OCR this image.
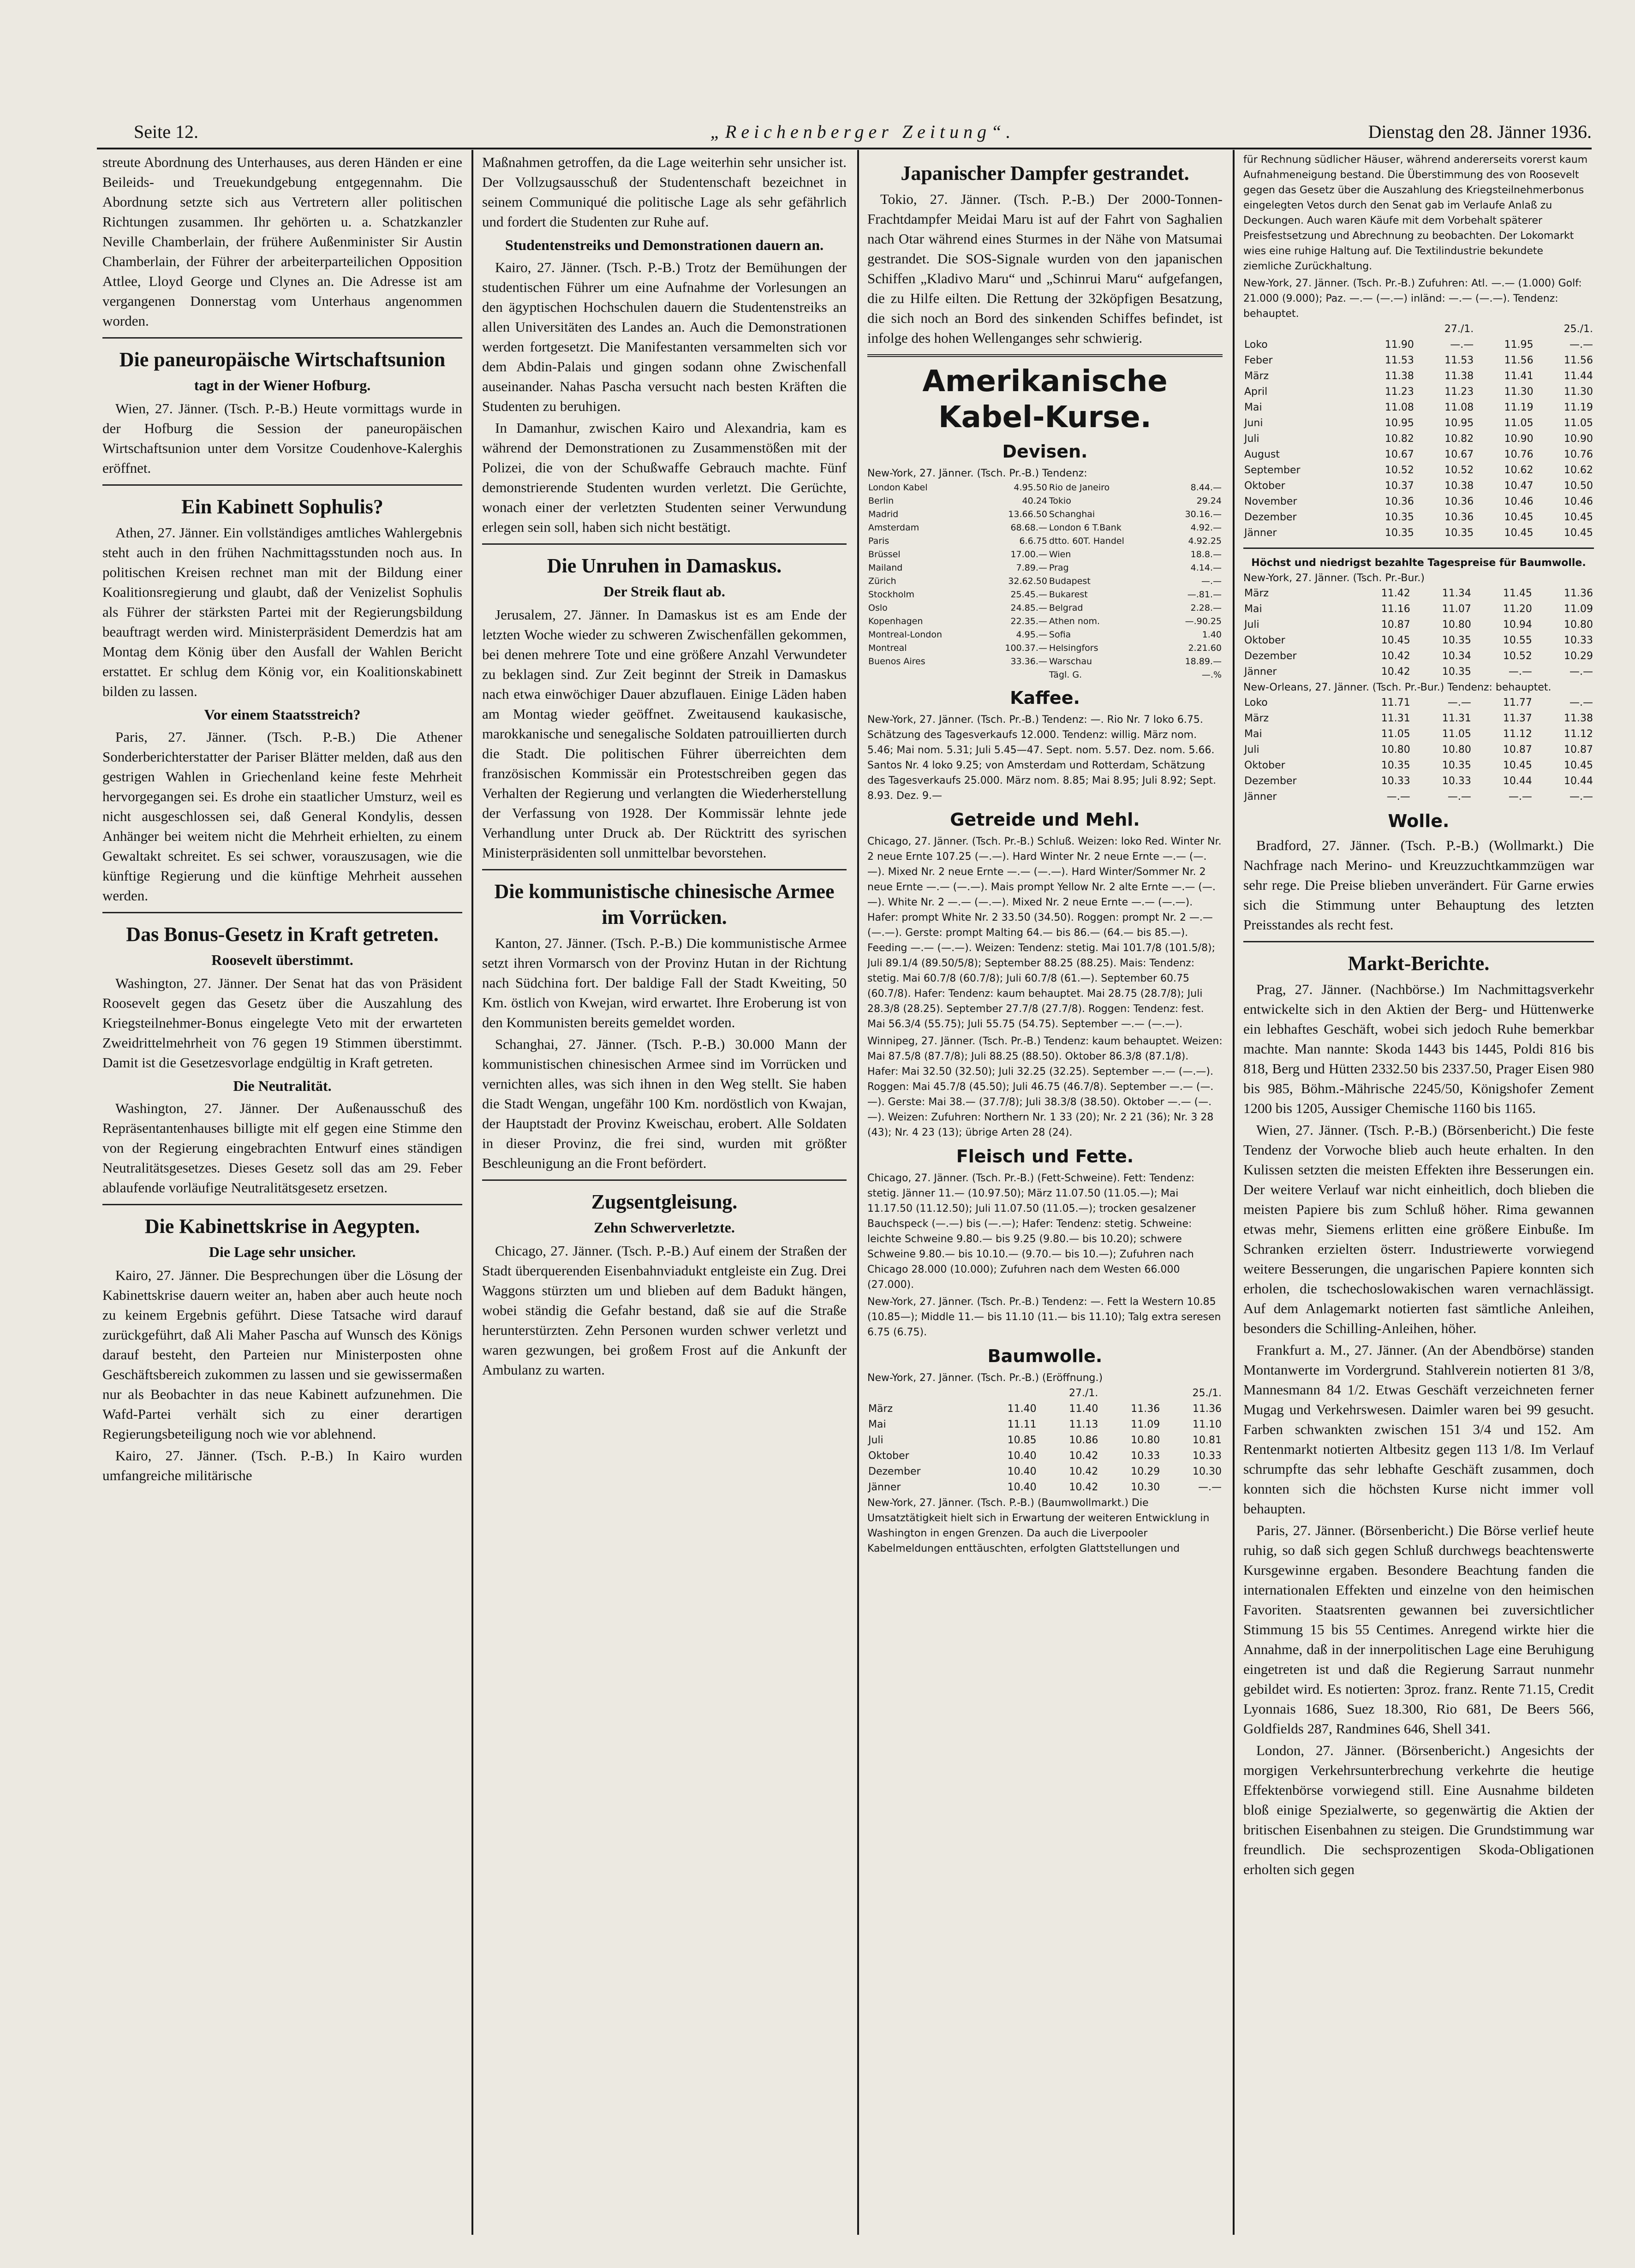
Seite 12.	„Reichenberger Zeitung“.	Dienstag den 28. Jänner 1936.

streute Abordnung des Unterhauses, aus deren Händen er eine Beileids- und Treuekundgebung entgegennahm. Die Abordnung setzte sich aus Vertretern aller politischen Richtungen zusammen. Ihr gehörten u. a. Schatzkanzler Neville Chamberlain, der frühere Außenminister Sir Austin Chamberlain, der Führer der arbeiterparteilichen Opposition Attlee, Lloyd George und Clynes an. Die Adresse ist am vergangenen Donnerstag vom Unterhaus angenommen worden.

Die paneuropäische Wirtschaftsunion
tagt in der Wiener Hofburg.

Wien, 27. Jänner. (Tsch. P.-B.) Heute vormittags wurde in der Hofburg die Session der paneuropäischen Wirtschaftsunion unter dem Vorsitze Coudenhove-Kalerghis eröffnet.

Ein Kabinett Sophulis?

Athen, 27. Jänner. Ein vollständiges amtliches Wahlergebnis steht auch in den frühen Nachmittagsstunden noch aus. In politischen Kreisen rechnet man mit der Bildung einer Koalitionsregierung und glaubt, daß der Venizelist Sophulis als Führer der stärksten Partei mit der Regierungsbildung beauftragt werden wird. Ministerpräsident Demerdzis hat am Montag dem König über den Ausfall der Wahlen Bericht erstattet. Er schlug dem König vor, ein Koalitionskabinett bilden zu lassen.

Vor einem Staatsstreich?

Paris, 27. Jänner. (Tsch. P.-B.) Die Athener Sonderberichterstatter der Pariser Blätter melden, daß aus den gestrigen Wahlen in Griechenland keine feste Mehrheit hervorgegangen sei. Es drohe ein staatlicher Umsturz, weil es nicht ausgeschlossen sei, daß General Kondylis, dessen Anhänger bei weitem nicht die Mehrheit erhielten, zu einem Gewaltakt schreitet. Es sei schwer, vorauszusagen, wie die künftige Regierung und die künftige Mehrheit aussehen werden.

Das Bonus-Gesetz in Kraft getreten.
Roosevelt überstimmt.

Washington, 27. Jänner. Der Senat hat das von Präsident Roosevelt gegen das Gesetz über die Auszahlung des Kriegsteilnehmer-Bonus eingelegte Veto mit der erwarteten Zweidrittelmehrheit von 76 gegen 19 Stimmen überstimmt. Damit ist die Gesetzesvorlage endgültig in Kraft getreten.

Die Neutralität.

Washington, 27. Jänner. Der Außenausschuß des Repräsentantenhauses billigte mit elf gegen eine Stimme den von der Regierung eingebrachten Entwurf eines ständigen Neutralitätsgesetzes. Dieses Gesetz soll das am 29. Feber ablaufende vorläufige Neutralitätsgesetz ersetzen.

Die Kabinettskrise in Aegypten.
Die Lage sehr unsicher.

Kairo, 27. Jänner. Die Besprechungen über die Lösung der Kabinettskrise dauern weiter an, haben aber auch heute noch zu keinem Ergebnis geführt. Diese Tatsache wird darauf zurückgeführt, daß Ali Maher Pascha auf Wunsch des Königs darauf besteht, den Parteien nur Ministerposten ohne Geschäftsbereich zukommen zu lassen und sie gewissermaßen nur als Beobachter in das neue Kabinett aufzunehmen. Die Wafd-Partei verhält sich zu einer derartigen Regierungsbeteiligung noch wie vor ablehnend.

Kairo, 27. Jänner. (Tsch. P.-B.) In Kairo wurden umfangreiche militärische

Maßnahmen getroffen, da die Lage weiterhin sehr unsicher ist. Der Vollzugsausschuß der Studentenschaft bezeichnet in seinem Communiqué die politische Lage als sehr gefährlich und fordert die Studenten zur Ruhe auf.

Studentenstreiks und Demonstrationen dauern an.

Kairo, 27. Jänner. (Tsch. P.-B.) Trotz der Bemühungen der studentischen Führer um eine Aufnahme der Vorlesungen an den ägyptischen Hochschulen dauern die Studentenstreiks an allen Universitäten des Landes an. Auch die Demonstrationen werden fortgesetzt. Die Manifestanten versammelten sich vor dem Abdin-Palais und gingen sodann ohne Zwischenfall auseinander. Nahas Pascha versucht nach besten Kräften die Studenten zu beruhigen.

In Damanhur, zwischen Kairo und Alexandria, kam es während der Demonstrationen zu Zusammenstößen mit der Polizei, die von der Schußwaffe Gebrauch machte. Fünf demonstrierende Studenten wurden verletzt. Die Gerüchte, wonach einer der verletzten Studenten seiner Verwundung erlegen sein soll, haben sich nicht bestätigt.

Die Unruhen in Damaskus.
Der Streik flaut ab.

Jerusalem, 27. Jänner. In Damaskus ist es am Ende der letzten Woche wieder zu schweren Zwischenfällen gekommen, bei denen mehrere Tote und eine größere Anzahl Verwundeter zu beklagen sind. Zur Zeit beginnt der Streik in Damaskus nach etwa einwöchiger Dauer abzuflauen. Einige Läden haben am Montag wieder geöffnet. Zweitausend kaukasische, marokkanische und senegalische Soldaten patrouillierten durch die Stadt. Die politischen Führer überreichten dem französischen Kommissär ein Protestschreiben gegen das Verhalten der Regierung und verlangten die Wiederherstellung der Verfassung von 1928. Der Kommissär lehnte jede Verhandlung unter Druck ab. Der Rücktritt des syrischen Ministerpräsidenten soll unmittelbar bevorstehen.

Die kommunistische chinesische Armee im Vorrücken.

Kanton, 27. Jänner. (Tsch. P.-B.) Die kommunistische Armee setzt ihren Vormarsch von der Provinz Hutan in der Richtung nach Südchina fort. Der baldige Fall der Stadt Kweiting, 50 Km. östlich von Kwejan, wird erwartet. Ihre Eroberung ist von den Kommunisten bereits gemeldet worden.

Schanghai, 27. Jänner. (Tsch. P.-B.) 30.000 Mann der kommunistischen chinesischen Armee sind im Vorrücken und vernichten alles, was sich ihnen in den Weg stellt. Sie haben die Stadt Wengan, ungefähr 100 Km. nordöstlich von Kwajan, der Hauptstadt der Provinz Kweischau, erobert. Alle Soldaten in dieser Provinz, die frei sind, wurden mit größter Beschleunigung an die Front befördert.

Zugsentgleisung.
Zehn Schwerverletzte.

Chicago, 27. Jänner. (Tsch. P.-B.) Auf einem der Straßen der Stadt überquerenden Eisenbahnviadukt entgleiste ein Zug. Drei Waggons stürzten um und blieben auf dem Badukt hängen, wobei ständig die Gefahr bestand, daß sie auf die Straße herunterstürzten. Zehn Personen wurden schwer verletzt und waren gezwungen, bei großem Frost auf die Ankunft der Ambulanz zu warten.

Japanischer Dampfer gestrandet.

Tokio, 27. Jänner. (Tsch. P.-B.) Der 2000-Tonnen-Frachtdampfer Meidai Maru ist auf der Fahrt von Saghalien nach Otar während eines Sturmes in der Nähe von Matsumai gestrandet. Die SOS-Signale wurden von den japanischen Schiffen „Kladivo Maru“ und „Schinrui Maru“ aufgefangen, die zu Hilfe eilten. Die Rettung der 32köpfigen Besatzung, die sich noch an Bord des sinkenden Schiffes befindet, ist infolge des hohen Wellenganges sehr schwierig.

Amerikanische Kabel-Kurse.
Devisen.
New-York, 27. Jänner. (Tsch. Pr.-B.) Tendenz:
London Kabel	4.95.50	Rio de Janeiro	8.44.—
Berlin	40.24	Tokio	29.24
Madrid	13.66.50	Schanghai	30.16.—
Amsterdam	68.68.—	London 6 T.Bank	4.92.—
Paris	6.6.75	dtto. 60T. Handel	4.92.25
Brüssel	17.00.—	Wien	18.8.—
Mailand	7.89.—	Prag	4.14.—
Zürich	32.62.50	Budapest	—.—
Stockholm	25.45.—	Bukarest	—.81.—
Oslo	24.85.—	Belgrad	2.28.—
Kopenhagen	22.35.—	Athen nom.	—.90.25
Montreal-London	4.95.—	Sofia	1.40
Montreal	100.37.—	Helsingfors	2.21.60
Buenos Aires	33.36.—	Warschau	18.89.—
		Tägl. G.	—.%
Kaffee.

New-York, 27. Jänner. (Tsch. Pr.-B.) Tendenz: —. Rio Nr. 7 loko 6.75. Schätzung des Tagesverkaufs 12.000. Tendenz: willig. März nom. 5.46; Mai nom. 5.31; Juli 5.45—47. Sept. nom. 5.57. Dez. nom. 5.66. Santos Nr. 4 loko 9.25; von Amsterdam und Rotterdam, Schätzung des Tagesverkaufs 25.000. März nom. 8.85; Mai 8.95; Juli 8.92; Sept. 8.93. Dez. 9.—

Getreide und Mehl.

Chicago, 27. Jänner. (Tsch. Pr.-B.) Schluß. Weizen: loko Red. Winter Nr. 2 neue Ernte 107.25 (—.—). Hard Winter Nr. 2 neue Ernte —.— (—.—). Mixed Nr. 2 neue Ernte —.— (—.—). Hard Winter/Sommer Nr. 2 neue Ernte —.— (—.—). Mais prompt Yellow Nr. 2 alte Ernte —.— (—.—). White Nr. 2 —.— (—.—). Mixed Nr. 2 neue Ernte —.— (—.—). Hafer: prompt White Nr. 2 33.50 (34.50). Roggen: prompt Nr. 2 —.— (—.—). Gerste: prompt Malting 64.— bis 86.— (64.— bis 85.—). Feeding —.— (—.—). Weizen: Tendenz: stetig. Mai 101.7/8 (101.5/8); Juli 89.1/4 (89.50/5/8); September 88.25 (88.25). Mais: Tendenz: stetig. Mai 60.7/8 (60.7/8); Juli 60.7/8 (61.—). September 60.75 (60.7/8). Hafer: Tendenz: kaum behauptet. Mai 28.75 (28.7/8); Juli 28.3/8 (28.25). September 27.7/8 (27.7/8). Roggen: Tendenz: fest. Mai 56.3/4 (55.75); Juli 55.75 (54.75). September —.— (—.—).

Winnipeg, 27. Jänner. (Tsch. Pr.-B.) Tendenz: kaum behauptet. Weizen: Mai 87.5/8 (87.7/8); Juli 88.25 (88.50). Oktober 86.3/8 (87.1/8). Hafer: Mai 32.50 (32.50); Juli 32.25 (32.25). September —.— (—.—). Roggen: Mai 45.7/8 (45.50); Juli 46.75 (46.7/8). September —.— (—.—). Gerste: Mai 38.— (37.7/8); Juli 38.3/8 (38.50). Oktober —.— (—.—). Weizen: Zufuhren: Northern Nr. 1 33 (20); Nr. 2 21 (36); Nr. 3 28 (43); Nr. 4 23 (13); übrige Arten 28 (24).

Fleisch und Fette.

Chicago, 27. Jänner. (Tsch. Pr.-B.) (Fett-Schweine). Fett: Tendenz: stetig. Jänner 11.— (10.97.50); März 11.07.50 (11.05.—); Mai 11.17.50 (11.12.50); Juli 11.07.50 (11.05.—); trocken gesalzener Bauchspeck (—.—) bis (—.—); Hafer: Tendenz: stetig. Schweine: leichte Schweine 9.80.— bis 9.25 (9.80.— bis 10.20); schwere Schweine 9.80.— bis 10.10.— (9.70.— bis 10.—); Zufuhren nach Chicago 28.000 (10.000); Zufuhren nach dem Westen 66.000 (27.000).

New-York, 27. Jänner. (Tsch. Pr.-B.) Tendenz: —. Fett la Western 10.85 (10.85—); Middle 11.— bis 11.10 (11.— bis 11.10); Talg extra seresen 6.75 (6.75).

Baumwolle.
New-York, 27. Jänner. (Tsch. Pr.-B.) (Eröffnung.)
	27./1.		25./1.	
März	11.40	11.40	11.36	11.36
Mai	11.11	11.13	11.09	11.10
Juli	10.85	10.86	10.80	10.81
Oktober	10.40	10.42	10.33	10.33
Dezember	10.40	10.42	10.29	10.30
Jänner	10.40	10.42	10.30	—.—

New-York, 27. Jänner. (Tsch. P.-B.) (Baumwollmarkt.) Die Umsatztätigkeit hielt sich in Erwartung der weiteren Entwicklung in Washington in engen Grenzen. Da auch die Liverpooler Kabelmeldungen enttäuschten, erfolgten Glattstellungen und

für Rechnung südlicher Häuser, während andererseits vorerst kaum Aufnahmeneigung bestand. Die Überstimmung des von Roosevelt gegen das Gesetz über die Auszahlung des Kriegsteilnehmerbonus eingelegten Vetos durch den Senat gab im Verlaufe Anlaß zu Deckungen. Auch waren Käufe mit dem Vorbehalt späterer Preisfestsetzung und Abrechnung zu beobachten. Der Lokomarkt wies eine ruhige Haltung auf. Die Textilindustrie bekundete ziemliche Zurückhaltung.

New-York, 27. Jänner. (Tsch. Pr.-B.) Zufuhren: Atl. —.— (1.000) Golf: 21.000 (9.000); Paz. —.— (—.—) inländ: —.— (—.—). Tendenz: behauptet.
	27./1.		25./1.	
Loko	11.90	—.—	11.95	—.—
Feber	11.53	11.53	11.56	11.56
März	11.38	11.38	11.41	11.44
April	11.23	11.23	11.30	11.30
Mai	11.08	11.08	11.19	11.19
Juni	10.95	10.95	11.05	11.05
Juli	10.82	10.82	10.90	10.90
August	10.67	10.67	10.76	10.76
September	10.52	10.52	10.62	10.62
Oktober	10.37	10.38	10.47	10.50
November	10.36	10.36	10.46	10.46
Dezember	10.35	10.36	10.45	10.45
Jänner	10.35	10.35	10.45	10.45
Höchst und niedrigst bezahlte Tagespreise für Baumwolle.
New-York, 27. Jänner. (Tsch. Pr.-Bur.)
März	11.42	11.34	11.45	11.36
Mai	11.16	11.07	11.20	11.09
Juli	10.87	10.80	10.94	10.80
Oktober	10.45	10.35	10.55	10.33
Dezember	10.42	10.34	10.52	10.29
Jänner	10.42	10.35	—.—	—.—
New-Orleans, 27. Jänner. (Tsch. Pr.-Bur.) Tendenz: behauptet.
Loko	11.71	—.—	11.77	—.—
März	11.31	11.31	11.37	11.38
Mai	11.05	11.05	11.12	11.12
Juli	10.80	10.80	10.87	10.87
Oktober	10.35	10.35	10.45	10.45
Dezember	10.33	10.33	10.44	10.44
Jänner	—.—	—.—	—.—	—.—
Wolle.

Bradford, 27. Jänner. (Tsch. P.-B.) (Wollmarkt.) Die Nachfrage nach Merino- und Kreuzzuchtkammzügen war sehr rege. Die Preise blieben unverändert. Für Garne erwies sich die Stimmung unter Behauptung des letzten Preisstandes als recht fest.

Markt-Berichte.

Prag, 27. Jänner. (Nachbörse.) Im Nachmittagsverkehr entwickelte sich in den Aktien der Berg- und Hüttenwerke ein lebhaftes Geschäft, wobei sich jedoch Ruhe bemerkbar machte. Man nannte: Skoda 1443 bis 1445, Poldi 816 bis 818, Berg und Hütten 2332.50 bis 2337.50, Prager Eisen 980 bis 985, Böhm.-Mährische 2245/50, Königshofer Zement 1200 bis 1205, Aussiger Chemische 1160 bis 1165.

Wien, 27. Jänner. (Tsch. P.-B.) (Börsenbericht.) Die feste Tendenz der Vorwoche blieb auch heute erhalten. In den Kulissen setzten die meisten Effekten ihre Besserungen ein. Der weitere Verlauf war nicht einheitlich, doch blieben die meisten Papiere bis zum Schluß höher. Rima gewannen etwas mehr, Siemens erlitten eine größere Einbuße. Im Schranken erzielten österr. Industriewerte vorwiegend weitere Besserungen, die ungarischen Papiere konnten sich erholen, die tschechoslowakischen waren vernachlässigt. Auf dem Anlagemarkt notierten fast sämtliche Anleihen, besonders die Schilling-Anleihen, höher.

Frankfurt a. M., 27. Jänner. (An der Abendbörse) standen Montanwerte im Vordergrund. Stahlverein notierten 81 3/8, Mannesmann 84 1/2. Etwas Geschäft verzeichneten ferner Mugag und Verkehrswesen. Daimler waren bei 99 gesucht. Farben schwankten zwischen 151 3/4 und 152. Am Rentenmarkt notierten Altbesitz gegen 113 1/8. Im Verlauf schrumpfte das sehr lebhafte Geschäft zusammen, doch konnten sich die höchsten Kurse nicht immer voll behaupten.

Paris, 27. Jänner. (Börsenbericht.) Die Börse verlief heute ruhig, so daß sich gegen Schluß durchwegs beachtenswerte Kursgewinne ergaben. Besondere Beachtung fanden die internationalen Effekten und einzelne von den heimischen Favoriten. Staatsrenten gewannen bei zuversichtlicher Stimmung 15 bis 55 Centimes. Anregend wirkte hier die Annahme, daß in der innerpolitischen Lage eine Beruhigung eingetreten ist und daß die Regierung Sarraut nunmehr gebildet wird. Es notierten: 3proz. franz. Rente 71.15, Credit Lyonnais 1686, Suez 18.300, Rio 681, De Beers 566, Goldfields 287, Randmines 646, Shell 341.

London, 27. Jänner. (Börsenbericht.) Angesichts der morgigen Verkehrsunterbrechung verkehrte die heutige Effektenbörse vorwiegend still. Eine Ausnahme bildeten bloß einige Spezialwerte, so gegenwärtig die Aktien der britischen Eisenbahnen zu steigen. Die Grundstimmung war freundlich. Die sechsprozentigen Skoda-Obligationen erholten sich gegen
